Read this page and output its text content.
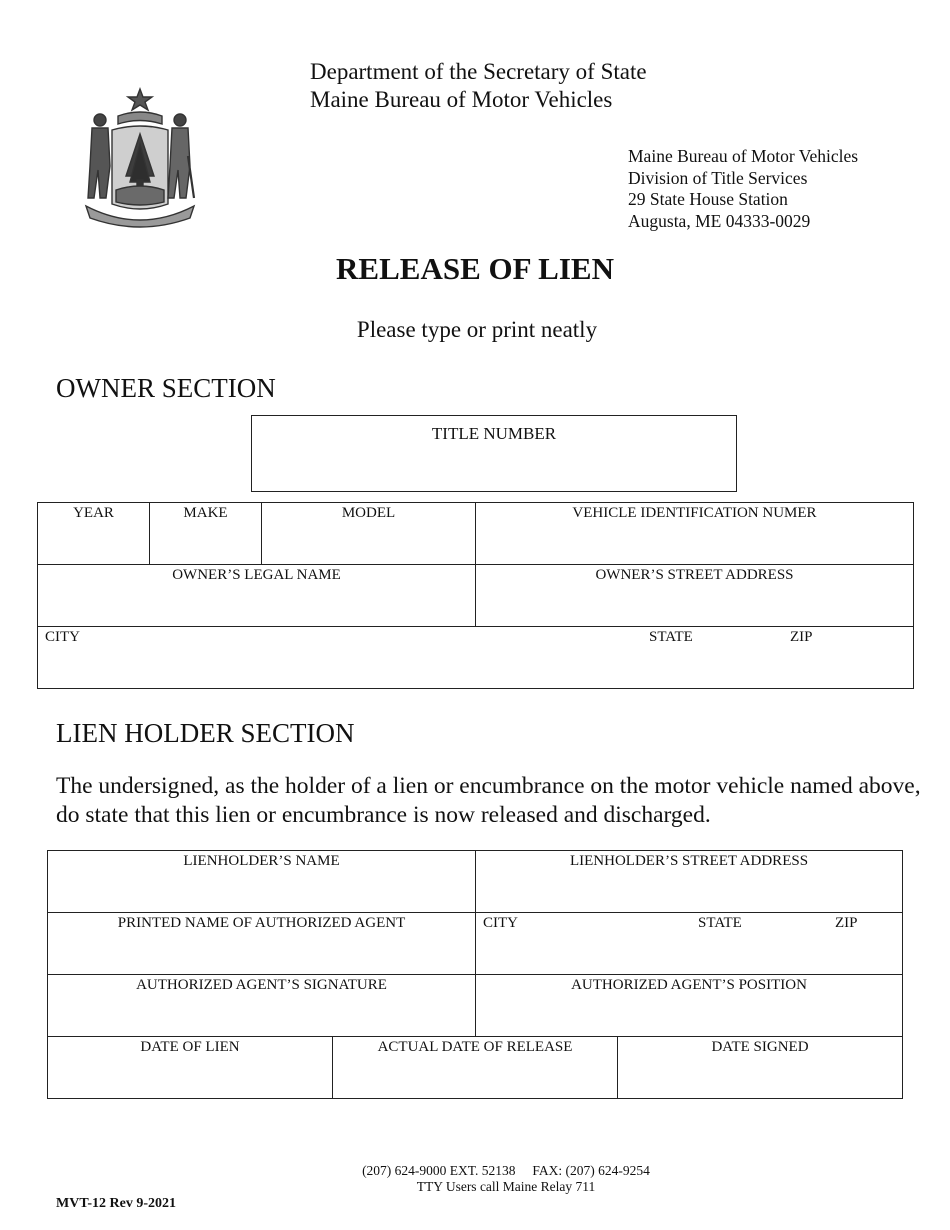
Department of the Secretary of State
Maine Bureau of Motor Vehicles
Maine Bureau of Motor Vehicles
Division of Title Services
29 State House Station
Augusta, ME 04333-0029
RELEASE OF LIEN
Please type or print neatly
OWNER SECTION
TITLE NUMBER
YEAR	MAKE	MODEL	VEHICLE IDENTIFICATION NUMER

OWNER’S LEGAL NAME			OWNER’S STREET ADDRESS

CITY STATE ZIP			
LIEN HOLDER SECTION
The undersigned, as the holder of a lien or encumbrance on the motor vehicle named above, do state that this lien or encumbrance is now released and discharged.
LIENHOLDER’S NAME		LIENHOLDER’S STREET ADDRESS	

PRINTED NAME OF AUTHORIZED AGENT		CITY STATE ZIP	

AUTHORIZED AGENT’S SIGNATURE		AUTHORIZED AGENT’S POSITION	

DATE OF LIEN	ACTUAL DATE OF RELEASE		DATE SIGNED
(207) 624-9000 EXT. 52138     FAX: (207) 624-9254
TTY Users call Maine Relay 711
MVT-12 Rev 9-2021
